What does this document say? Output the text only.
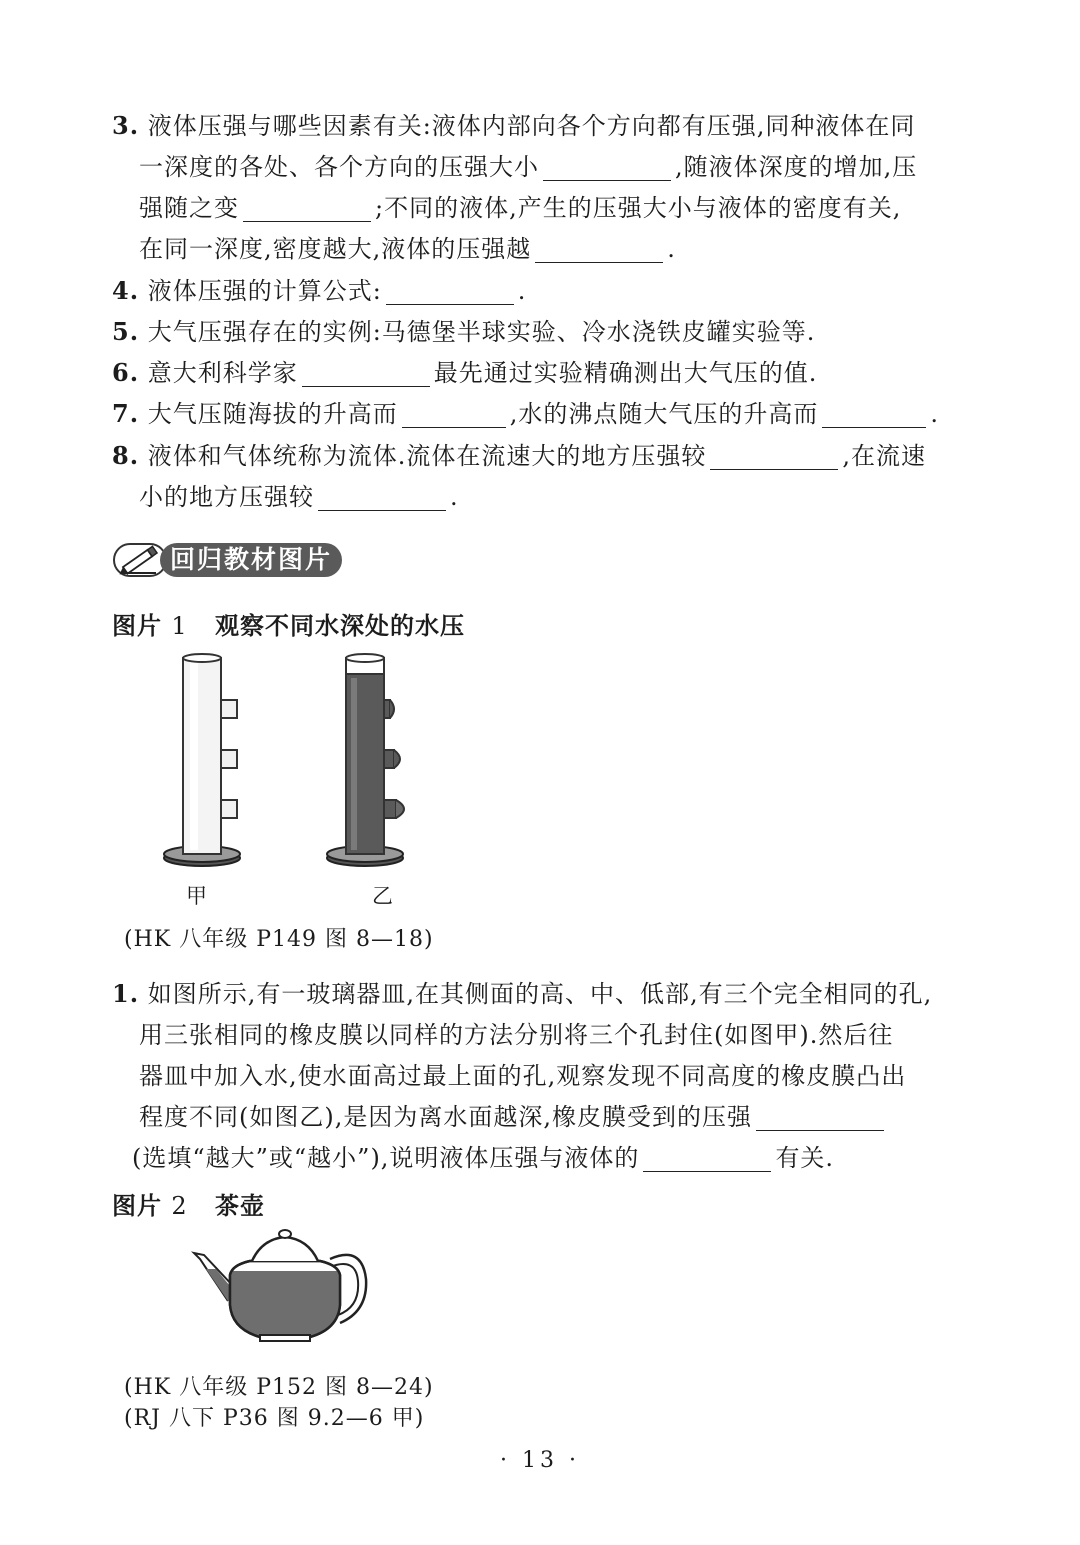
3. 液体压强与哪些因素有关:液体内部向各个方向都有压强,同种液体在同
一深度的各处、各个方向的压强大小	,随液体深度的增加,压
强随之变	;不同的液体,产生的压强大小与液体的密度有关,
在同一深度,密度越大,液体的压强越	.
4. 液体压强的计算公式:	.
5. 大气压强存在的实例:马德堡半球实验、冷水浇铁皮罐实验等.
6. 意大利科学家	最先通过实验精确测出大气压的值.
7. 大气压随海拔的升高而	,水的沸点随大气压的升高而	.
8. 液体和气体统称为流体.流体在流速大的地方压强较	,在流速
小的地方压强较	.
回归教材图片
图片 1 观察不同水深处的水压
甲	乙
(HK 八年级 P149 图 8—18)
1. 如图所示,有一玻璃器皿,在其侧面的高、中、低部,有三个完全相同的孔,
用三张相同的橡皮膜以同样的方法分别将三个孔封住(如图甲).然后往
器皿中加入水,使水面高过最上面的孔,观察发现不同高度的橡皮膜凸出
程度不同(如图乙),是因为离水面越深,橡皮膜受到的压强
(选填“越大”或“越小”),说明液体压强与液体的	有关.
图片 2 茶壶
(HK 八年级 P152 图 8—24)
(RJ 八下 P36 图 9.2—6 甲)
· 13 ·
